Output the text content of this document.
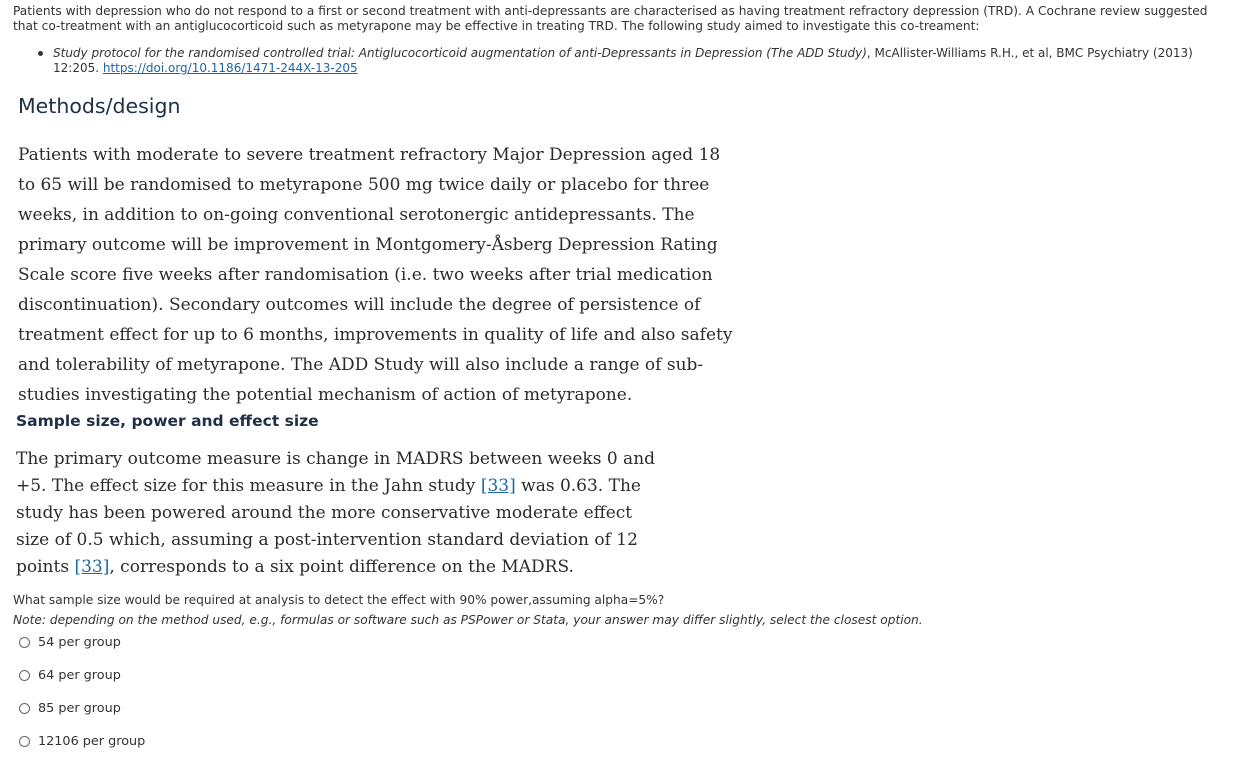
Patients with depression who do not respond to a first or second treatment with anti-depressants are characterised as having treatment refractory depression (TRD). A Cochrane review suggested that co-treatment with an antiglucocorticoid such as metyrapone may be effective in treating TRD. The following study aimed to investigate this co-treament:
Study protocol for the randomised controlled trial: Antiglucocorticoid augmentation of anti-Depressants in Depression (The ADD Study), McAllister-Williams R.H., et al, BMC Psychiatry (2013) 12:205. https://doi.org/10.1186/1471-244X-13-205
Methods/design

Patients with moderate to severe treatment refractory Major Depression aged 18 to 65 will be randomised to metyrapone 500 mg twice daily or placebo for three weeks, in addition to on-going conventional serotonergic antidepressants. The primary outcome will be improvement in Montgomery-Åsberg Depression Rating Scale score five weeks after randomisation (i.e. two weeks after trial medication discontinuation). Secondary outcomes will include the degree of persistence of treatment effect for up to 6 months, improvements in quality of life and also safety and tolerability of metyrapone. The ADD Study will also include a range of sub-studies investigating the potential mechanism of action of metyrapone.

Sample size, power and effect size

The primary outcome measure is change in MADRS between weeks 0 and +5. The effect size for this measure in the Jahn study [33] was 0.63. The study has been powered around the more conservative moderate effect size of 0.5 which, assuming a post-intervention standard deviation of 12 points [33], corresponds to a six point difference on the MADRS.

What sample size would be required at analysis to detect the effect with 90% power,assuming alpha=5%?
Note: depending on the method used, e.g., formulas or software such as PSPower or Stata, your answer may differ slightly, select the closest option.
54 per group
64 per group
85 per group
12106 per group
